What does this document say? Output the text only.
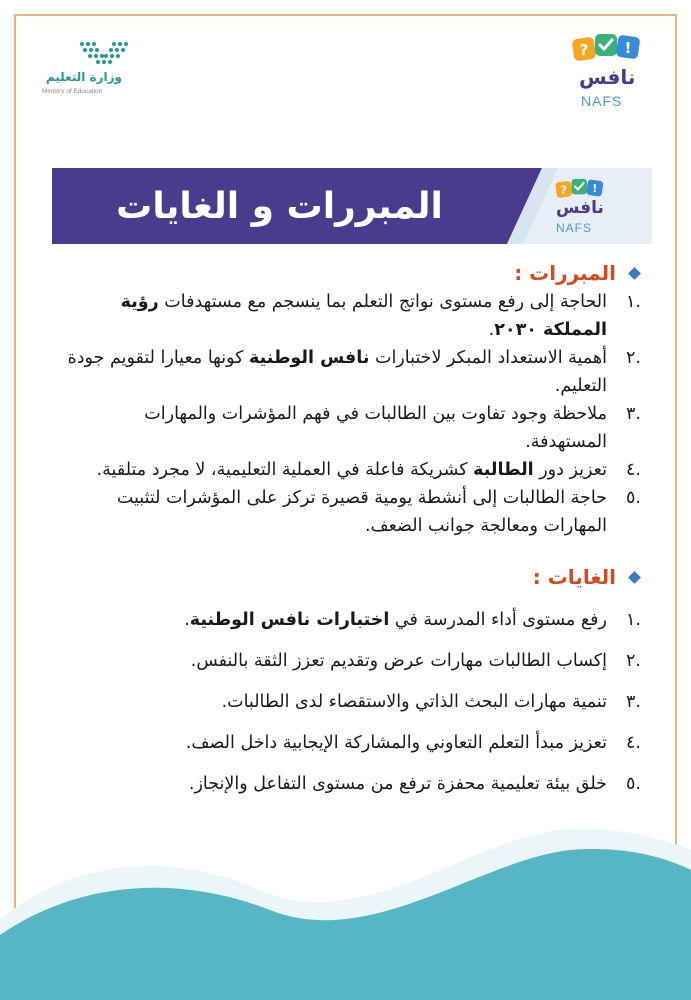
وزارة التعليم
Ministry of Education
? !
نافس
NAFS
المبررات و الغايات	? !
نافس
NAFS
المبررات :
.١
الحاجة إلى رفع مستوى نواتج التعلم بما ينسجم مع مستهدفات رؤية المملكة ٢٠٣٠.
.٢
أهمية الاستعداد المبكر لاختبارات نافس الوطنية كونها معيارا لتقويم جودة التعليم.
.٣
ملاحظة وجود تفاوت بين الطالبات في فهم المؤشرات والمهارات المستهدفة.
.٤
تعزيز دور الطالبة كشريكة فاعلة في العملية التعليمية، لا مجرد متلقية.
.٥
حاجة الطالبات إلى أنشطة يومية قصيرة تركز على المؤشرات لتثبيت المهارات ومعالجة جوانب الضعف.
الغايات :
.١
رفع مستوى أداء المدرسة في اختبارات نافس الوطنية.
.٢
إكساب الطالبات مهارات عرض وتقديم تعزز الثقة بالنفس.
.٣
تنمية مهارات البحث الذاتي والاستقصاء لدى الطالبات.
.٤
تعزيز مبدأ التعلم التعاوني والمشاركة الإيجابية داخل الصف.
.٥
خلق بيئة تعليمية محفزة ترفع من مستوى التفاعل والإنجاز.
